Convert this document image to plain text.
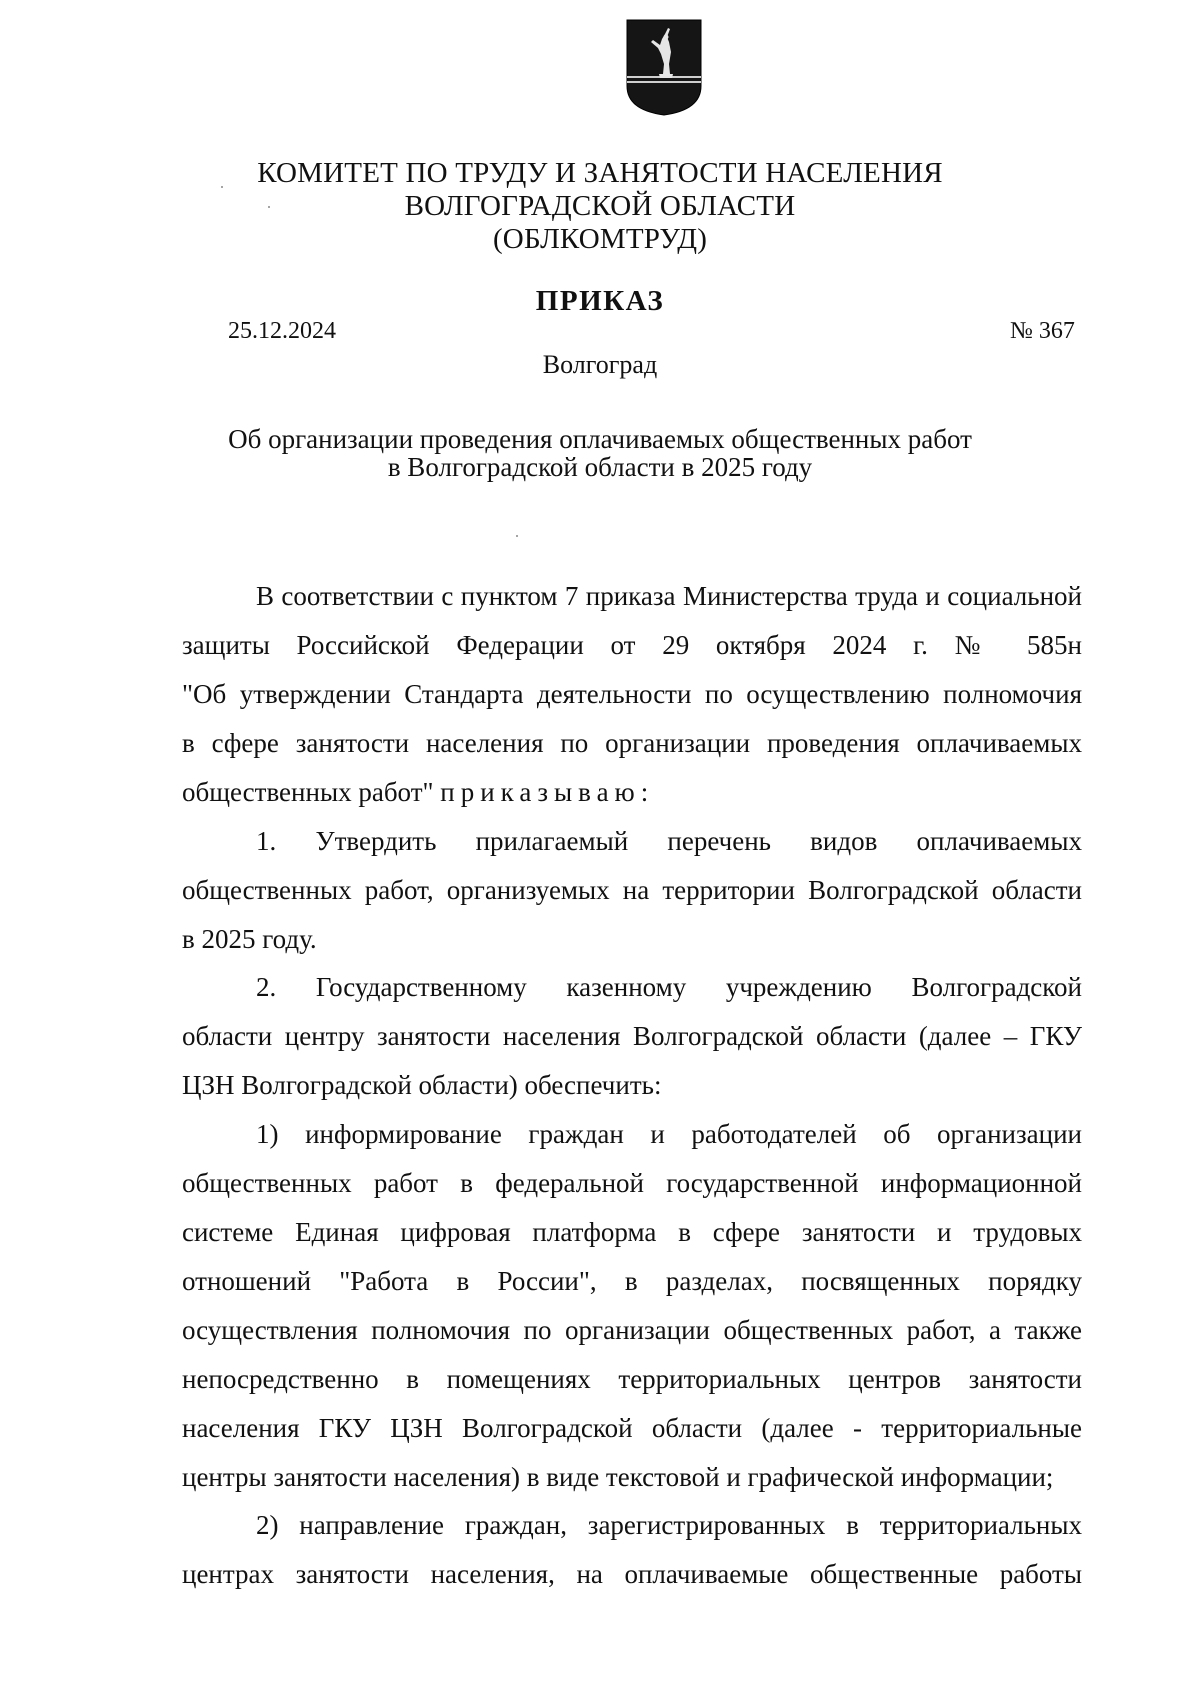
КОМИТЕТ ПО ТРУДУ И ЗАНЯТОСТИ НАСЕЛЕНИЯ
ВОЛГОГРАДСКОЙ ОБЛАСТИ
(ОБЛКОМТРУД)
ПРИКАЗ
25.12.2024	№ 367
Волгоград
Об организации проведения оплачиваемых общественных работ
в Волгоградской области в 2025 году
В соответствии с пунктом 7 приказа Министерства труда и социальной
защиты Российской Федерации от 29 октября 2024 г. № 585н
"Об утверждении Стандарта деятельности по осуществлению полномочия
в сфере занятости населения по организации проведения оплачиваемых
общественных работ" приказываю:
1. Утвердить прилагаемый перечень видов оплачиваемых
общественных работ, организуемых на территории Волгоградской области
в 2025 году.
2. Государственному казенному учреждению Волгоградской
области центру занятости населения Волгоградской области (далее – ГКУ
ЦЗН Волгоградской области) обеспечить:
1) информирование граждан и работодателей об организации
общественных работ в федеральной государственной информационной
системе Единая цифровая платформа в сфере занятости и трудовых
отношений "Работа в России", в разделах, посвященных порядку
осуществления полномочия по организации общественных работ, а также
непосредственно в помещениях территориальных центров занятости
населения ГКУ ЦЗН Волгоградской области (далее - территориальные
центры занятости населения) в виде текстовой и графической информации;
2) направление граждан, зарегистрированных в территориальных
центрах занятости населения, на оплачиваемые общественные работы
